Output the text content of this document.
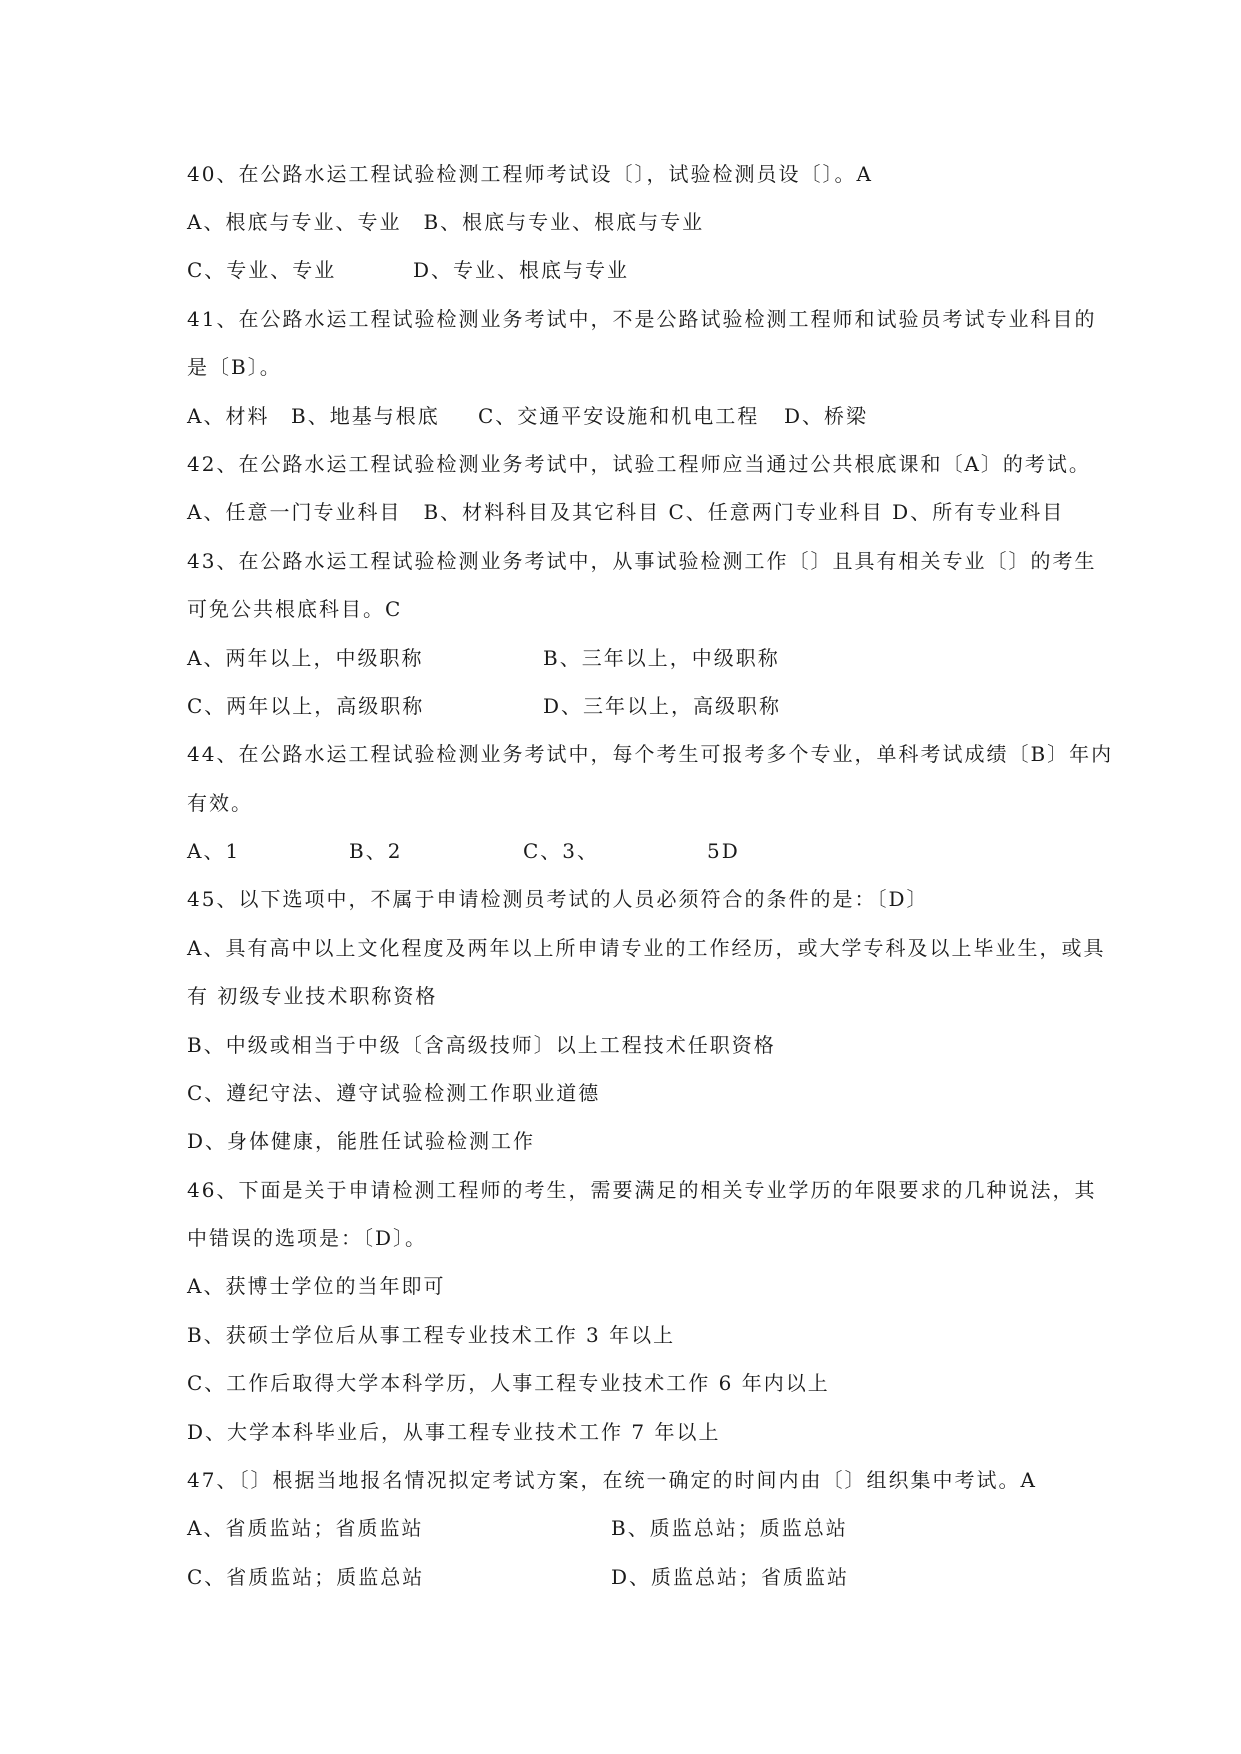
40、在公路水运工程试验检测工程师考试设〔〕，试验检测员设〔〕。A
A、根底与专业、专业　B、根底与专业、根底与专业

C、专业、专业

	D、专业、根底与专业

41、在公路水运工程试验检测业务考试中，不是公路试验检测工程师和试验员考试专业科目的
是〔B〕。

A、材料

B、地基与根底

C、交通平安设施和机电工程

D、桥梁

42、在公路水运工程试验检测业务考试中，试验工程师应当通过公共根底课和〔A〕的考试。
A、任意一门专业科目　B、材料科目及其它科目 C、任意两门专业科目 D、所有专业科目
43、在公路水运工程试验检测业务考试中，从事试验检测工作〔〕且具有相关专业〔〕的考生
可免公共根底科目。C

A、两年以上，中级职称

	B、三年以上，中级职称

C、两年以上，高级职称

	D、三年以上，高级职称

44、在公路水运工程试验检测业务考试中，每个考生可报考多个专业，单科考试成绩〔B〕年内
有效。

A、1

	B、2

	C、3、

	5D

45、以下选项中，不属于申请检测员考试的人员必须符合的条件的是：〔D〕
A、具有高中以上文化程度及两年以上所申请专业的工作经历，或大学专科及以上毕业生，或具
有 初级专业技术职称资格
B、中级或相当于中级〔含高级技师〕以上工程技术任职资格
C、遵纪守法、遵守试验检测工作职业道德
D、身体健康，能胜任试验检测工作
46、下面是关于申请检测工程师的考生，需要满足的相关专业学历的年限要求的几种说法，其
中错误的选项是：〔D〕。
A、获博士学位的当年即可
B、获硕士学位后从事工程专业技术工作 3 年以上
C、工作后取得大学本科学历，人事工程专业技术工作 6 年内以上
D、大学本科毕业后，从事工程专业技术工作 7 年以上
47、〔〕根据当地报名情况拟定考试方案，在统一确定的时间内由〔〕组织集中考试。A

A、省质监站；省质监站

	B、质监总站；质监总站

C、省质监站；质监总站

	D、质监总站；省质监站
